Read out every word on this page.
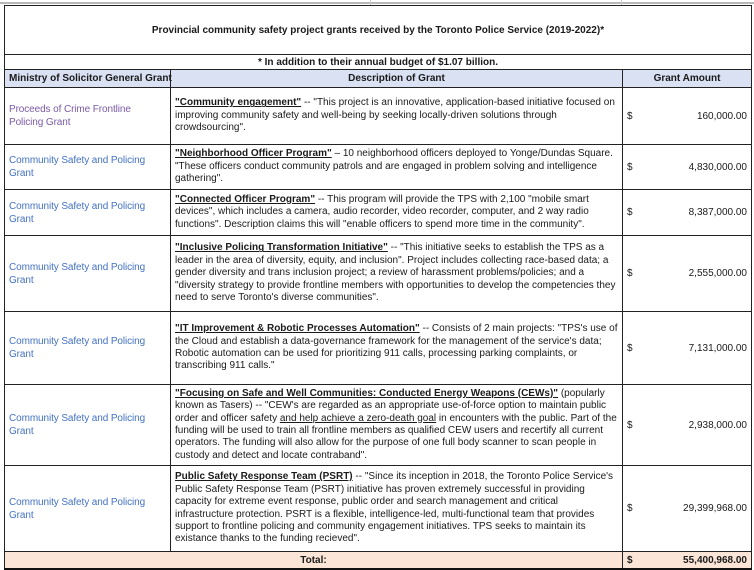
Provincial community safety project grants received by the Toronto Police Service (2019-2022)*		
* In addition to their annual budget of $1.07 billion.		
Ministry of Solicitor General Grant	Description of Grant	Grant Amount
Proceeds of Crime Frontline Policing Grant	"Community engagement" -- "This project is an innovative, application-based initiative focused on improving community safety and well-being by seeking locally-driven solutions through crowdsourcing".	$ 160,000.00

Community Safety and Policing Grant	"Neighborhood Officer Program" – 10 neighborhood officers deployed to Yonge/Dundas Square. "These officers conduct community patrols and are engaged in problem solving and intelligence gathering".	$ 4,830,000.00

Community Safety and Policing Grant	"Connected Officer Program" -- This program will provide the TPS with 2,100 "mobile smart devices", which includes a camera, audio recorder, video recorder, computer, and 2 way radio functions". Description claims this will "enable officers to spend more time in the community".	$ 8,387,000.00

Community Safety and Policing Grant	"Inclusive Policing Transformation Initiative" -- "This initiative seeks to establish the TPS as a leader in the area of diversity, equity, and inclusion". Project includes collecting race-based data; a gender diversity and trans inclusion project; a review of harassment problems/policies; and a "diversity strategy to provide frontline members with opportunities to develop the competencies they need to serve Toronto's diverse communities".	$ 2,555,000.00

Community Safety and Policing Grant	"IT Improvement & Robotic Processes Automation" -- Consists of 2 main projects: "TPS's use of the Cloud and establish a data-governance framework for the management of the service's data; Robotic automation can be used for prioritizing 911 calls, processing parking complaints, or transcribing 911 calls."	$ 7,131,000.00

Community Safety and Policing Grant	"Focusing on Safe and Well Communities: Conducted Energy Weapons (CEWs)" (popularly known as Tasers) -- "CEW's are regarded as an appropriate use-of-force option to maintain public order and officer safety and help achieve a zero-death goal in encounters with the public. Part of the funding will be used to train all frontline members as qualified CEW users and recertify all current operators. The funding will also allow for the purpose of one full body scanner to scan people in custody and detect and locate contraband".	$ 2,938,000.00

Community Safety and Policing Grant	Public Safety Response Team (PSRT) -- "Since its inception in 2018, the Toronto Police Service's Public Safety Response Team (PSRT) initiative has proven extremely successful in providing capacity for extreme event response, public order and search management and critical infrastructure protection. PSRT is a flexible, intelligence-led, multi-functional team that provides support to frontline policing and community engagement initiatives. TPS seeks to maintain its existance thanks to the funding recieved".	$ 29,399,968.00

Total:		$ 55,400,968.00
